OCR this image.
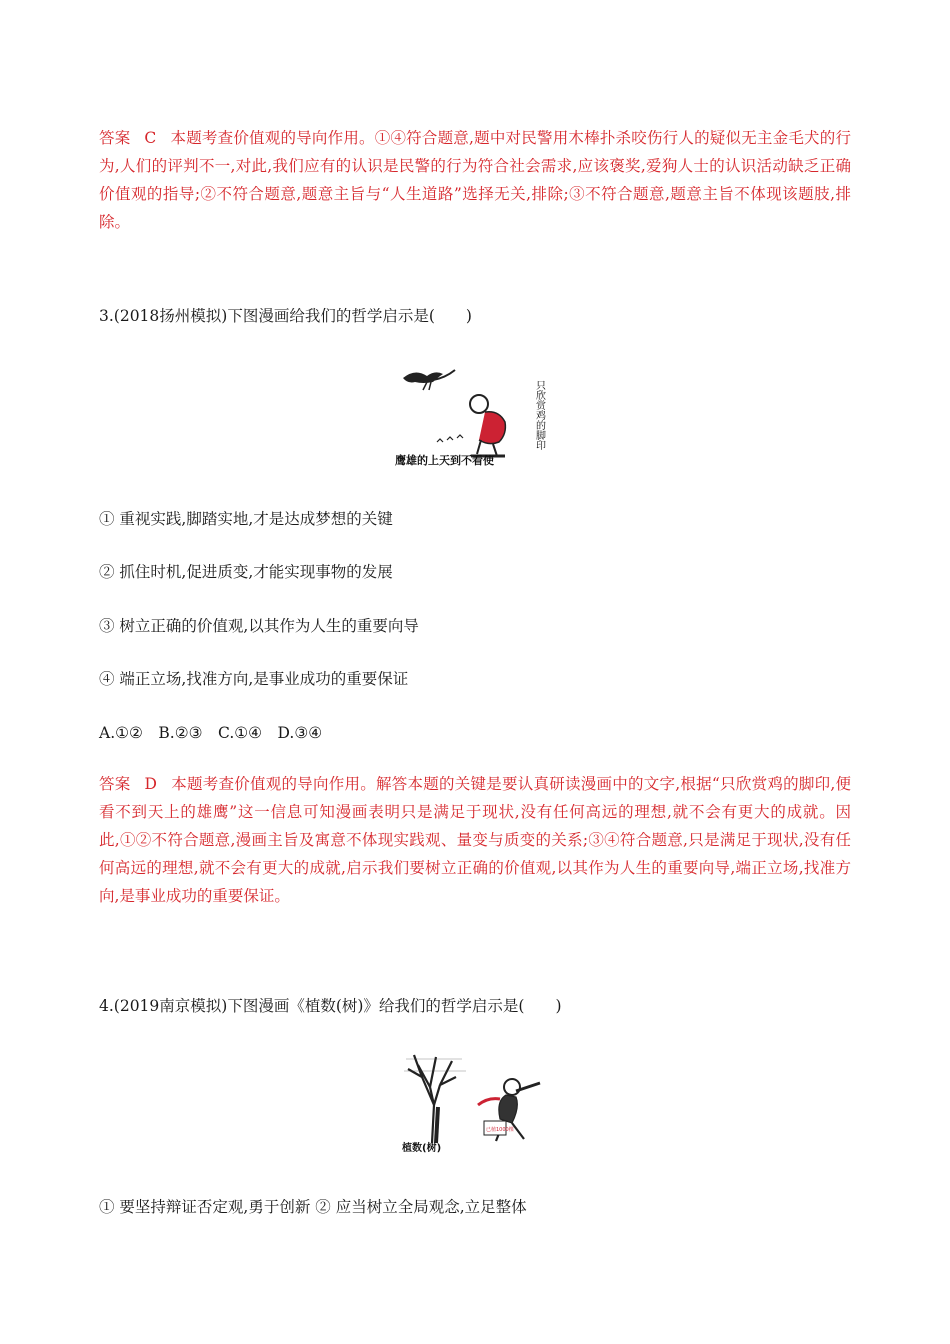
答案 C 本题考查价值观的导向作用。①④符合题意,题中对民警用木棒扑杀咬伤行人的疑似无主金毛犬的行为,人们的评判不一,对此,我们应有的认识是民警的行为符合社会需求,应该褒奖,爱狗人士的认识活动缺乏正确价值观的指导;②不符合题意,题意主旨与“人生道路”选择无关,排除;③不符合题意,题意主旨不体现该题肢,排除。

3.(2018扬州模拟)下图漫画给我们的哲学启示是(　　)
鹰雄的上天到不看使
只欣赏鸡的脚印
① 重视实践,脚踏实地,才是达成梦想的关键
② 抓住时机,促进质变,才能实现事物的发展
③ 树立正确的价值观,以其作为人生的重要向导
④ 端正立场,找准方向,是事业成功的重要保证
A.①②　B.②③　C.①④　D.③④

答案 D 本题考查价值观的导向作用。解答本题的关键是要认真研读漫画中的文字,根据“只欣赏鸡的脚印,便看不到天上的雄鹰”这一信息可知漫画表明只是满足于现状,没有任何高远的理想,就不会有更大的成就。因此,①②不符合题意,漫画主旨及寓意不体现实践观、量变与质变的关系;③④符合题意,只是满足于现状,没有任何高远的理想,就不会有更大的成就,启示我们要树立正确的价值观,以其作为人生的重要向导,端正立场,找准方向,是事业成功的重要保证。

4.(2019南京模拟)下图漫画《植数(树)》给我们的哲学启示是(　　)
已植1000棵
植数(树)
① 要坚持辩证否定观,勇于创新 ② 应当树立全局观念,立足整体
